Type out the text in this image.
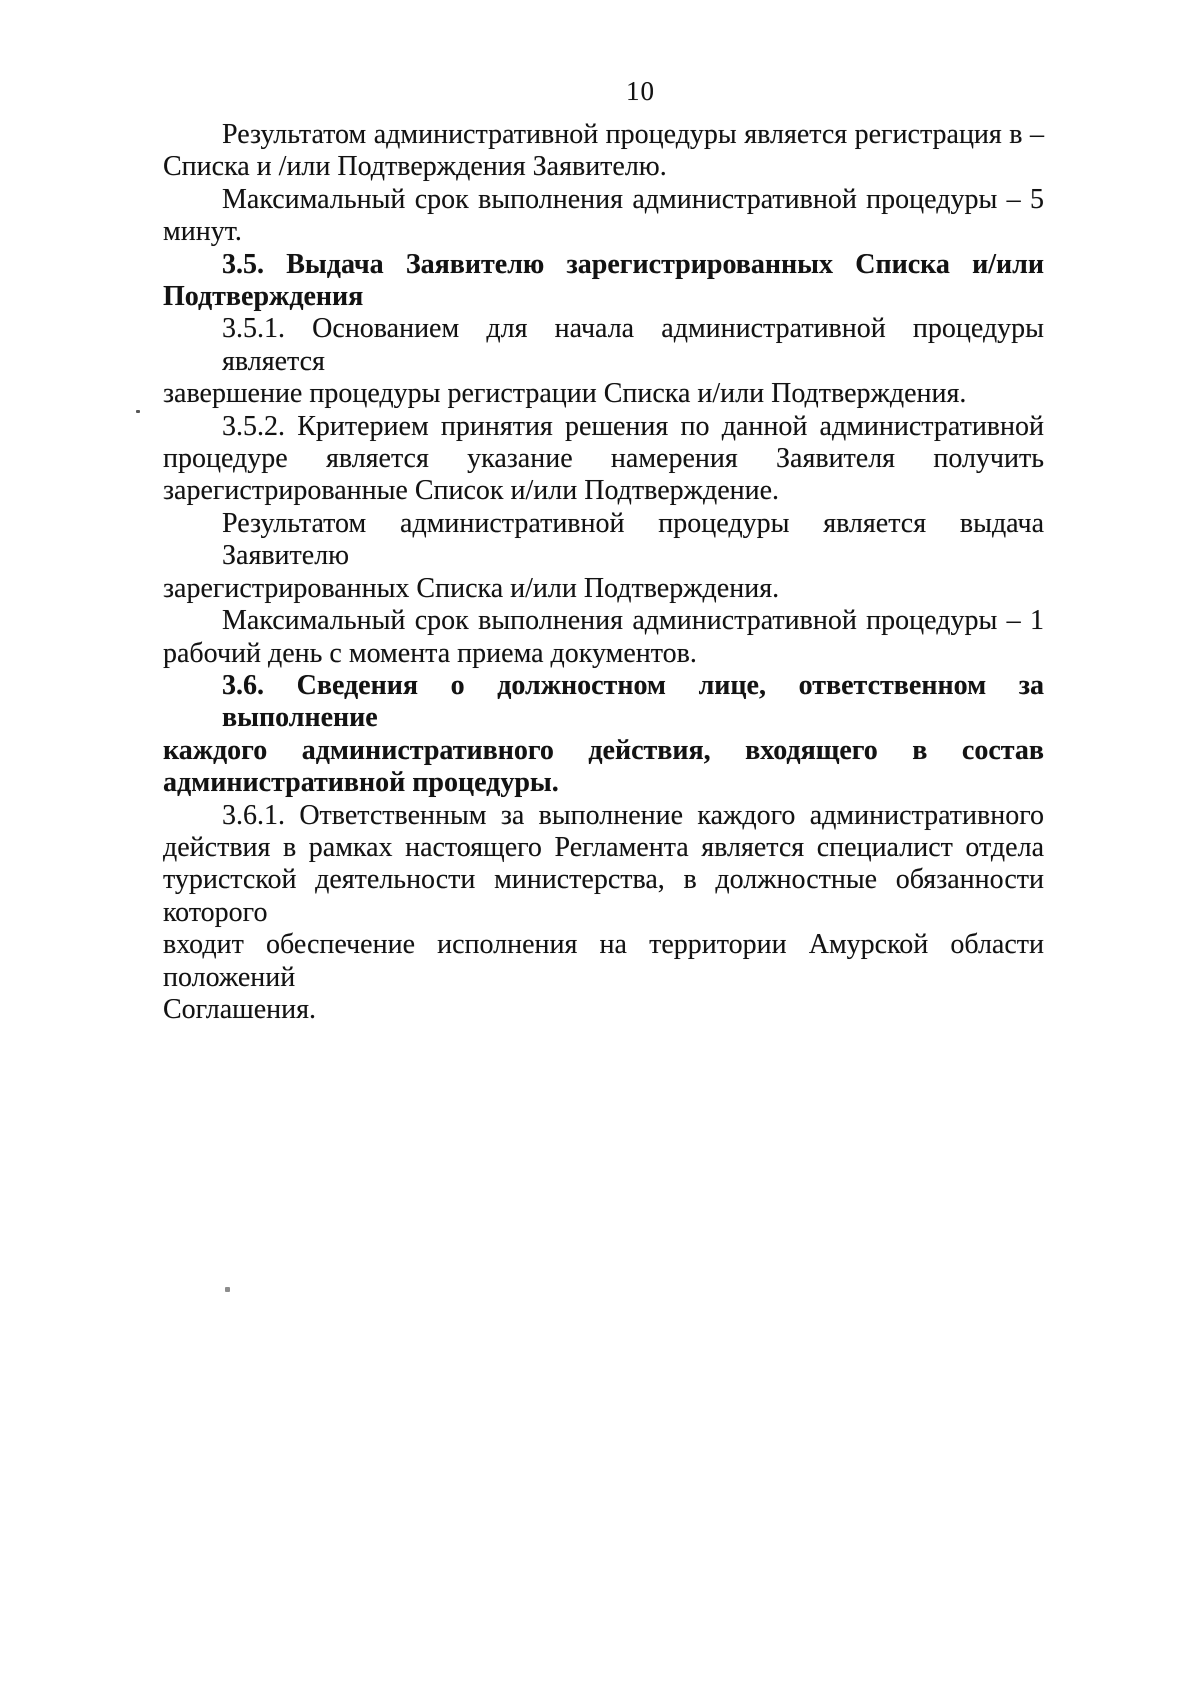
10
Результатом административной процедуры является регистрация в –
Списка и /или Подтверждения Заявителю.
Максимальный срок выполнения административной процедуры – 5
минут.
3.5. Выдача Заявителю зарегистрированных Списка и/или
Подтверждения
3.5.1. Основанием для начала административной процедуры является
завершение процедуры регистрации Списка и/или Подтверждения.
3.5.2. Критерием принятия решения по данной административной
процедуре является указание намерения Заявителя получить
зарегистрированные Список и/или Подтверждение.
Результатом административной процедуры является выдача Заявителю
зарегистрированных Списка и/или Подтверждения.
Максимальный срок выполнения административной процедуры – 1
рабочий день с момента приема документов.
3.6. Сведения о должностном лице, ответственном за выполнение
каждого административного действия, входящего в состав
административной процедуры.
3.6.1. Ответственным за выполнение каждого административного
действия в рамках настоящего Регламента является специалист отдела
туристской деятельности министерства, в должностные обязанности которого
входит обеспечение исполнения на территории Амурской области положений
Соглашения.
